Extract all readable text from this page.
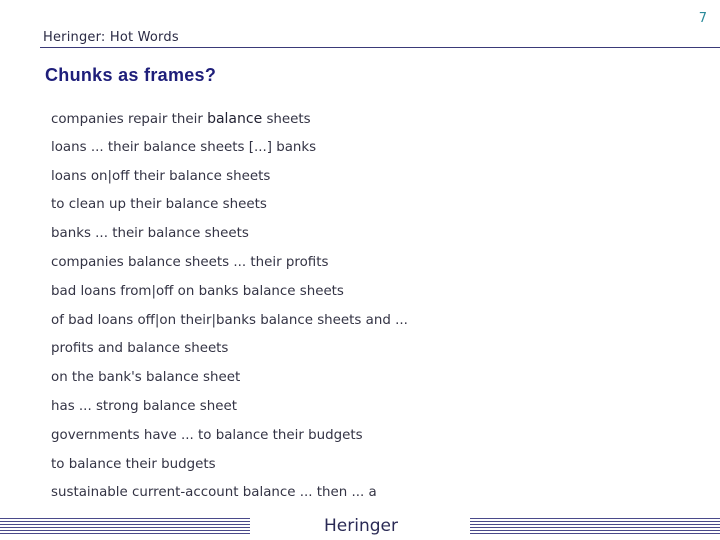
7
Heringer: Hot Words
Chunks as frames?
companies repair their balance sheets
loans ... their balance sheets [...] banks
loans on|off their balance sheets
to clean up their balance sheets
banks ... their balance sheets
companies balance sheets ... their profits
bad loans from|off on banks balance sheets
of bad loans off|on their|banks balance sheets and ...
profits and balance sheets
on the bank's balance sheet
has ... strong balance sheet
governments have ... to balance their budgets
to balance their budgets
sustainable current-account balance ... then ... a
Heringer
